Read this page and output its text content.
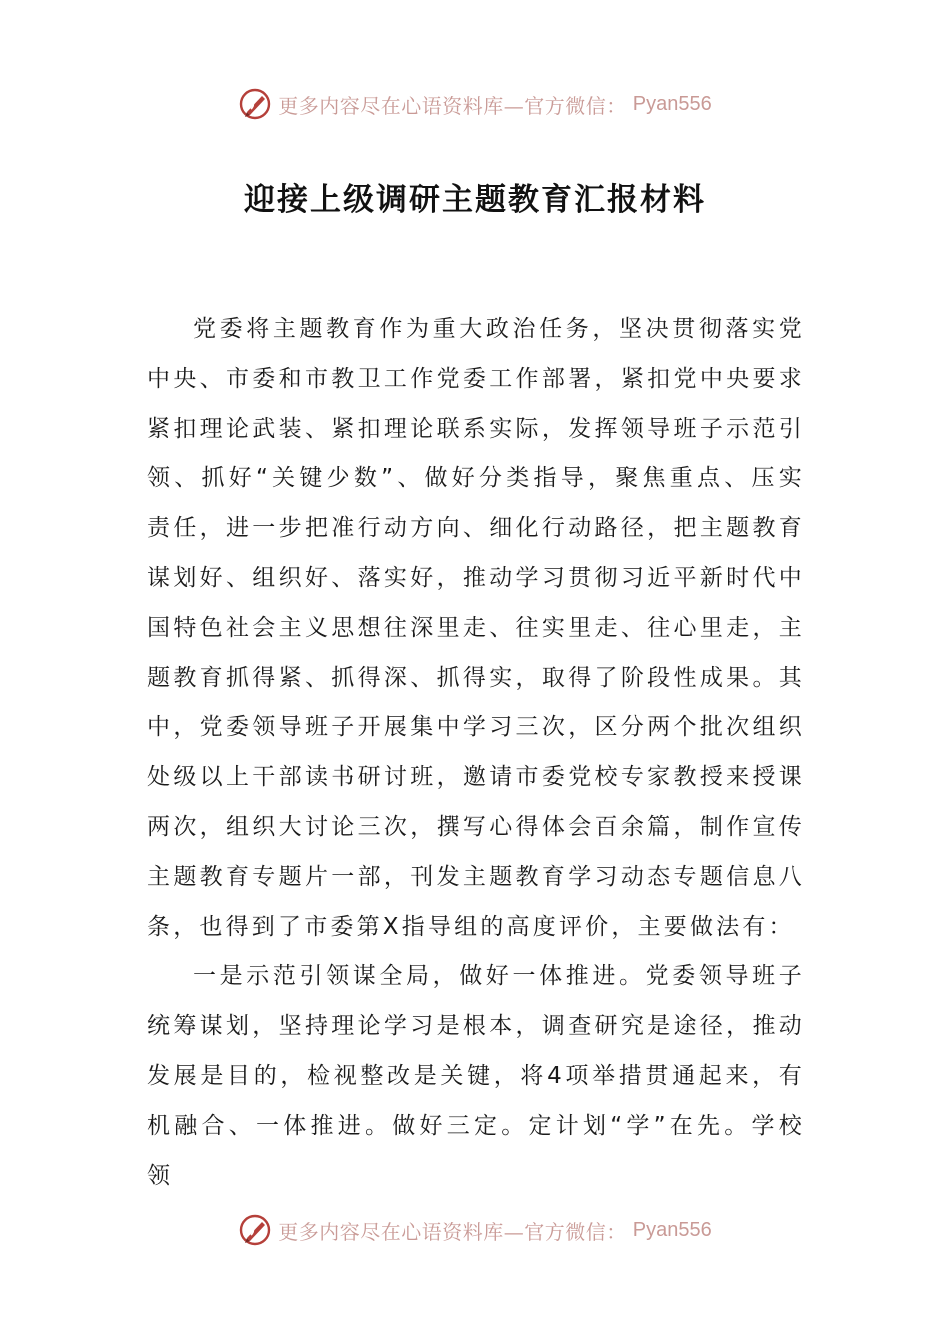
更多内容尽在心语资料库—官方微信： Pyan556
迎接上级调研主题教育汇报材料

党委将主题教育作为重大政治任务，坚决贯彻落实党中央、市委和市教卫工作党委工作部署，紧扣党中央要求紧扣理论武装、紧扣理论联系实际，发挥领导班子示范引领、抓好“关键少数”、做好分类指导，聚焦重点、压实责任，进一步把准行动方向、细化行动路径，把主题教育谋划好、组织好、落实好，推动学习贯彻习近平新时代中国特色社会主义思想往深里走、往实里走、往心里走，主题教育抓得紧、抓得深、抓得实，取得了阶段性成果。其中，党委领导班子开展集中学习三次，区分两个批次组织处级以上干部读书研讨班，邀请市委党校专家教授来授课两次，组织大讨论三次，撰写心得体会百余篇，制作宣传主题教育专题片一部，刊发主题教育学习动态专题信息八条，也得到了市委第X指导组的高度评价，主要做法有：

一是示范引领谋全局，做好一体推进。党委领导班子统筹谋划，坚持理论学习是根本，调查研究是途径，推动发展是目的，检视整改是关键，将4项举措贯通起来，有机融合、一体推进。做好三定。定计划“学”在先。学校领

更多内容尽在心语资料库—官方微信： Pyan556
